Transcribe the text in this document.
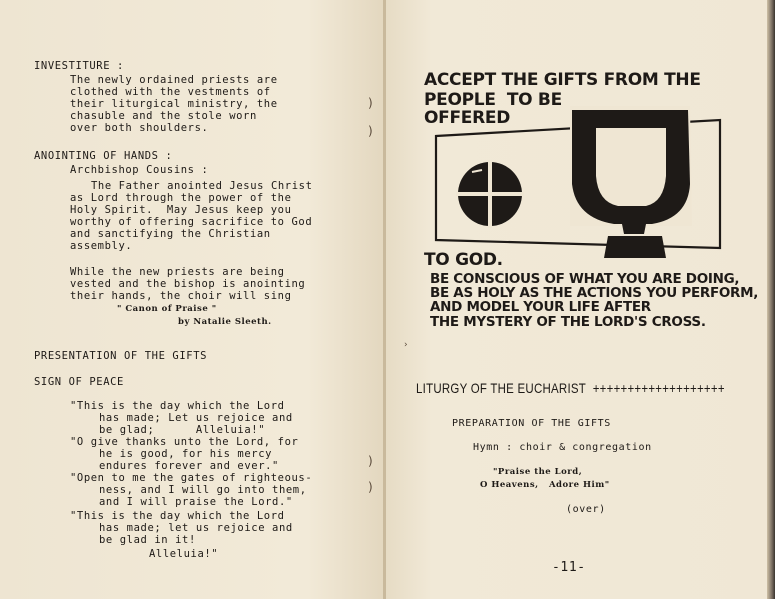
INVESTITURE :
The newly ordained priests are
clothed with the vestments of
their liturgical ministry, the
chasuble and the stole worn
over both shoulders.
ANOINTING OF HANDS :
Archbishop Cousins :
The Father anointed Jesus Christ
as Lord through the power of the
Holy Spirit.  May Jesus keep you
worthy of offering sacrifice to God
and sanctifying the Christian
assembly.
While the new priests are being
vested and the bishop is anointing
their hands, the choir will sing
" Canon of Praise "
by Natalie Sleeth.
PRESENTATION OF THE GIFTS
SIGN OF PEACE
"This is the day which the Lord
has made; Let us rejoice and
be glad;      Alleluia!"
"O give thanks unto the Lord, for
he is good, for his mercy
endures forever and ever."
"Open to me the gates of righteous-
ness, and I will go into them,
and I will praise the Lord."
"This is the day which the Lord
has made; let us rejoice and
be glad in it!
Alleluia!"
)
)
)
)
ACCEPT THE GIFTS FROM THE
PEOPLE  TO BE
OFFERED
TO GOD.
BE CONSCIOUS OF WHAT YOU ARE DOING,
BE AS HOLY AS THE ACTIONS YOU PERFORM,
AND MODEL YOUR LIFE AFTER
THE MYSTERY OF THE LORD'S CROSS.
›
LITURGY OF THE EUCHARIST +++++++++++++++++++
PREPARATION OF THE GIFTS
Hymn : choir & congregation
"Praise the Lord,
O Heavens,   Adore Him"
(over)
-11-
